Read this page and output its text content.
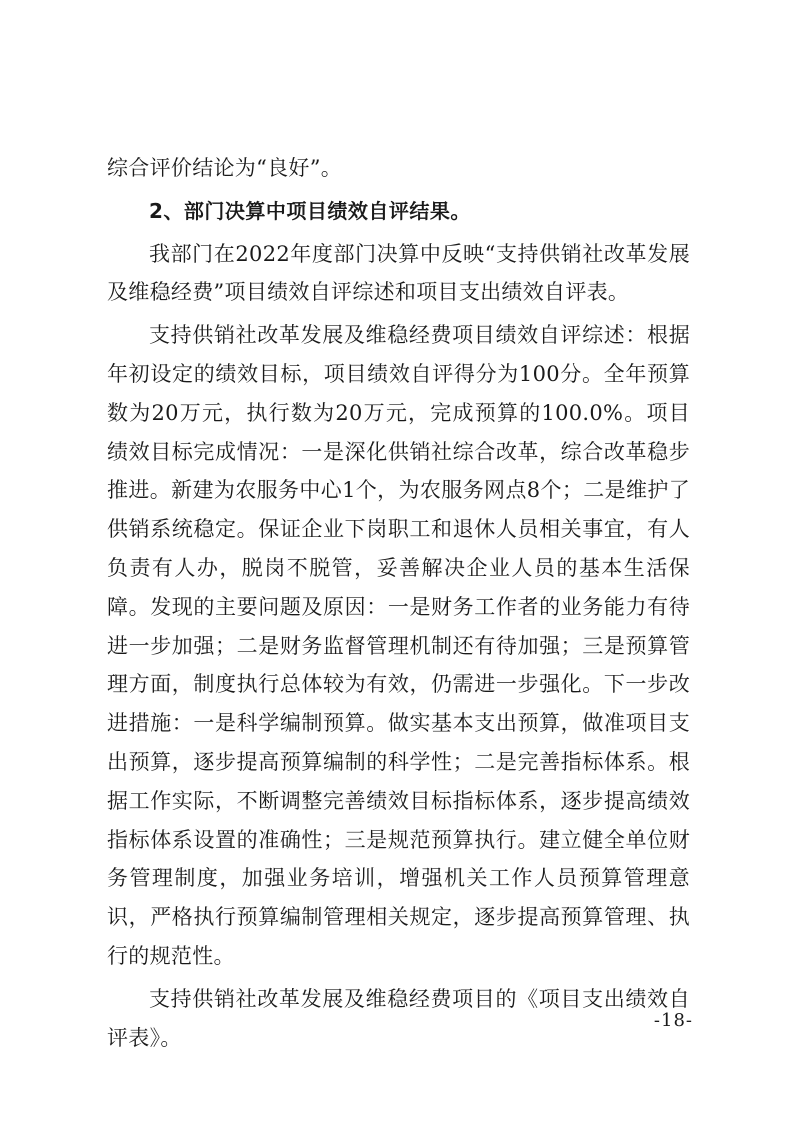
综合评价结论为“良好”。

2、部门决算中项目绩效自评结果。

我部门在2022年度部门决算中反映“支持供销社改革发展及维稳经费”项目绩效自评综述和项目支出绩效自评表。

支持供销社改革发展及维稳经费项目绩效自评综述：根据年初设定的绩效目标，项目绩效自评得分为100分。全年预算数为20万元，执行数为20万元，完成预算的100.0%。项目绩效目标完成情况：一是深化供销社综合改革，综合改革稳步推进。新建为农服务中心1个，为农服务网点8个；二是维护了供销系统稳定。保证企业下岗职工和退休人员相关事宜，有人负责有人办，脱岗不脱管，妥善解决企业人员的基本生活保障。发现的主要问题及原因：一是财务工作者的业务能力有待进一步加强；二是财务监督管理机制还有待加强；三是预算管理方面，制度执行总体较为有效，仍需进一步强化。下一步改进措施：一是科学编制预算。做实基本支出预算，做准项目支出预算，逐步提高预算编制的科学性；二是完善指标体系。根据工作实际，不断调整完善绩效目标指标体系，逐步提高绩效指标体系设置的准确性；三是规范预算执行。建立健全单位财务管理制度，加强业务培训，增强机关工作人员预算管理意识，严格执行预算编制管理相关规定，逐步提高预算管理、执行的规范性。

支持供销社改革发展及维稳经费项目的《项目支出绩效自评表》。

-18-
